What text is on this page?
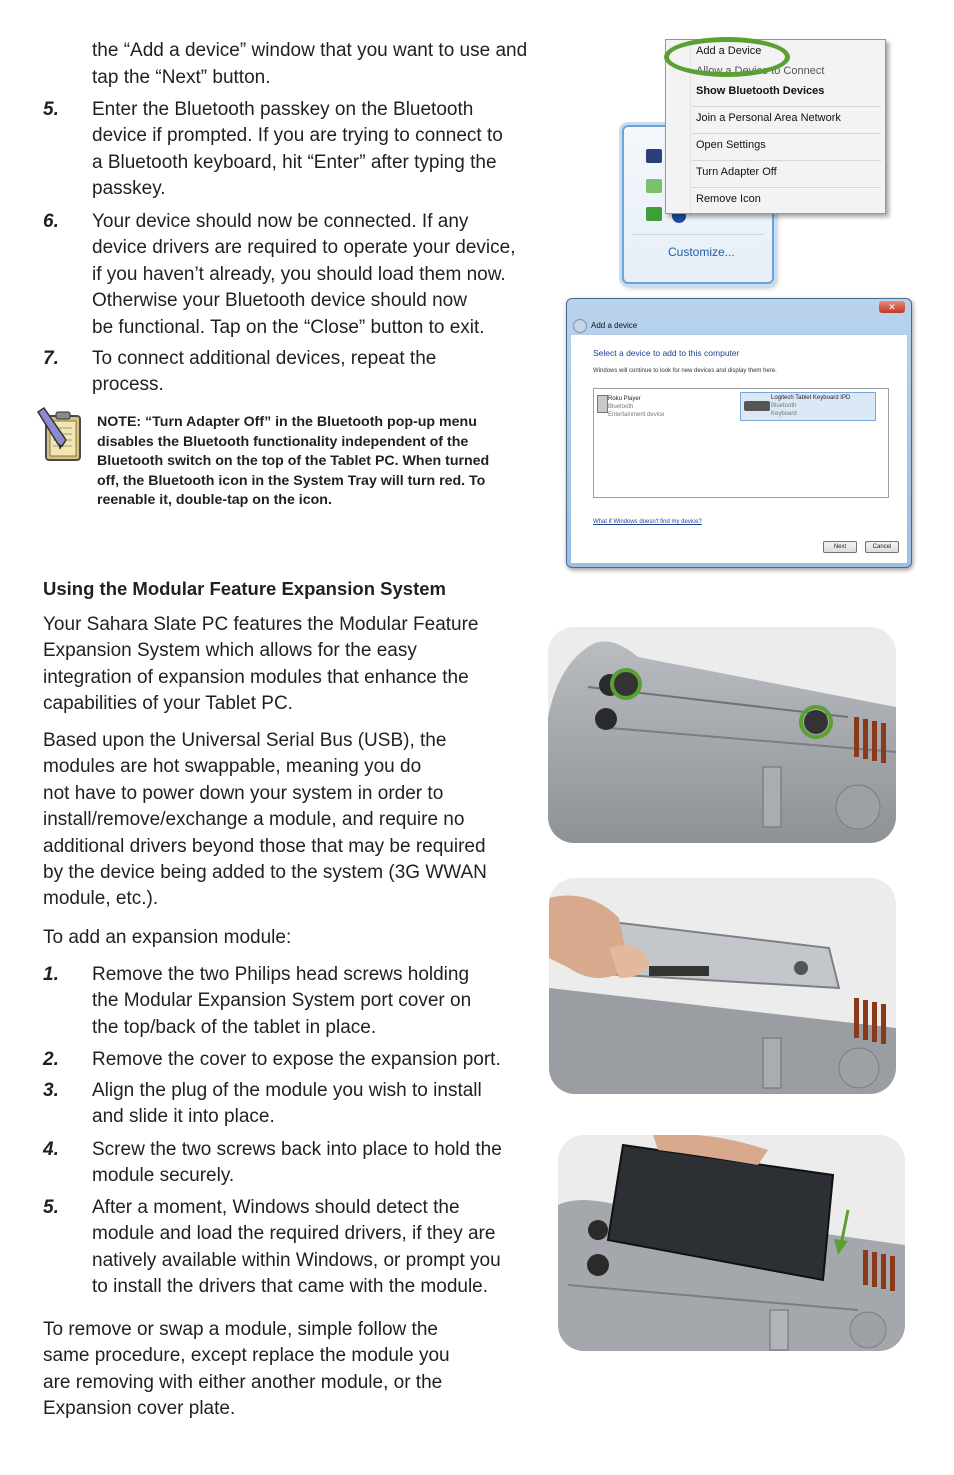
the “Add a device” window that you want to use and
tap the “Next” button.
5. Enter the Bluetooth passkey on the Bluetooth
device if prompted. If you are trying to connect to
a Bluetooth keyboard, hit “Enter” after typing the
passkey.
6. Your device should now be connected. If any
device drivers are required to operate your device,
if you haven’t already, you should load them now.
Otherwise your Bluetooth device should now
be functional. Tap on the “Close” button to exit.
7. To connect additional devices, repeat the
process.
NOTE: “Turn Adapter Off” in the Bluetooth pop-up menu
disables the Bluetooth functionality independent of the
Bluetooth switch on the top of the Tablet PC. When turned
off, the Bluetooth icon in the System Tray will turn red. To
reenable it, double-tap on the icon.
Customize...
Add a Device
Allow a Device to Connect
Show Bluetooth Devices
Join a Personal Area Network
Open Settings
Turn Adapter Off
Remove Icon
✕
Add a device
Select a device to add to this computer
Windows will continue to look for new devices and display them here.
Roku Player
Bluetooth
Entertainment device
Logitech Tablet Keyboard IPD
Bluetooth
Keyboard
What if Windows doesn't find my device?
Next	Cancel
Using the Modular Feature Expansion System
Your Sahara Slate PC features the Modular Feature
Expansion System which allows for the easy
integration of expansion modules that enhance the
capabilities of your Tablet PC.
Based upon the Universal Serial Bus (USB), the
modules are hot swappable, meaning you do
not have to power down your system in order to
install/remove/exchange a module, and require no
additional drivers beyond those that may be required
by the device being added to the system (3G WWAN
module, etc.).
To add an expansion module:
1. Remove the two Philips head screws holding
the Modular Expansion System port cover on
the top/back of the tablet in place.
2. Remove the cover to expose the expansion port.
3. Align the plug of the module you wish to install
and slide it into place.
4. Screw the two screws back into place to hold the
module securely.
5. After a moment, Windows should detect the
module and load the required drivers, if they are
natively available within Windows, or prompt you
to install the drivers that came with the module.
To remove or swap a module, simple follow the
same procedure, except replace the module you
are removing with either another module, or the
Expansion cover plate.
